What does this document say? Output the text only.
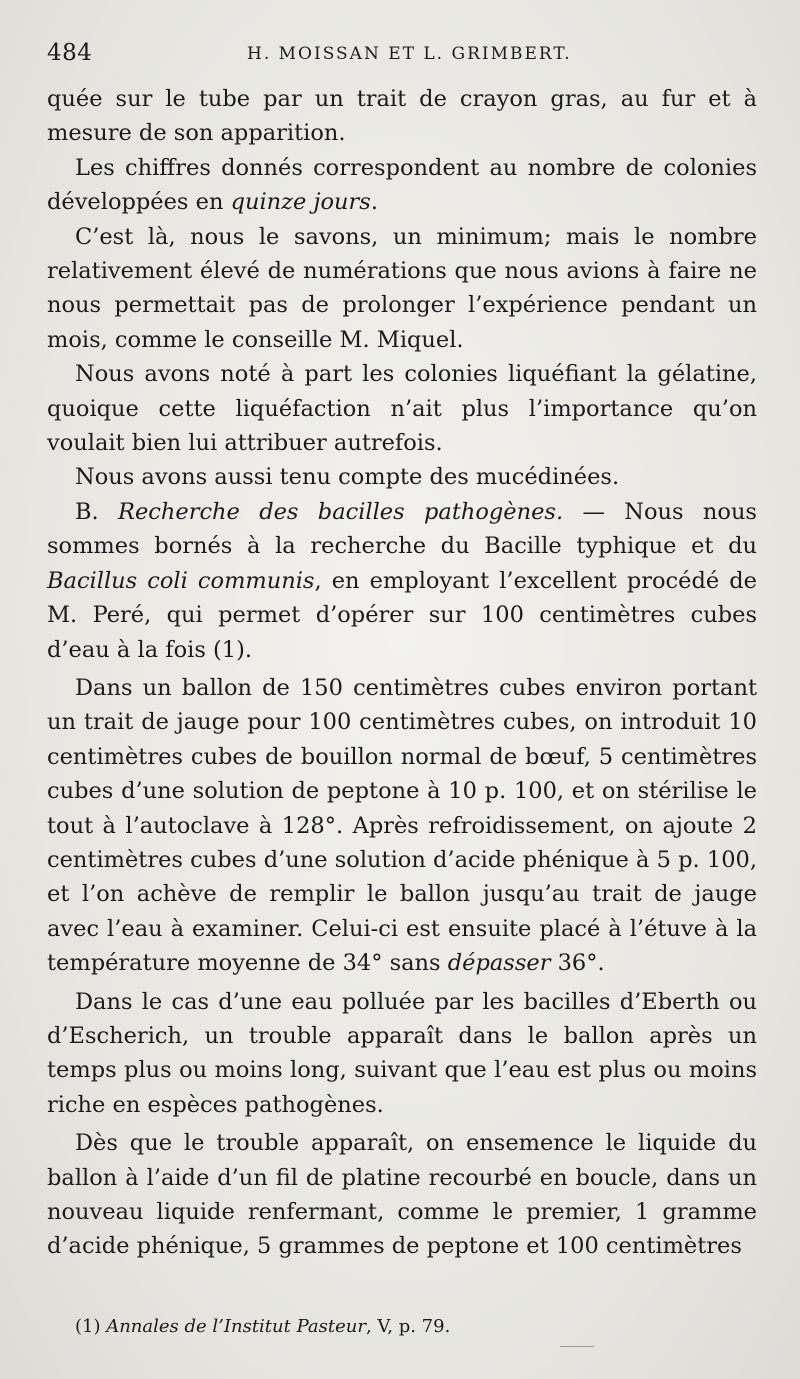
484	H. MOISSAN ET L. GRIMBERT.

quée sur le tube par un trait de crayon gras, au fur et à mesure de son apparition.

Les chiffres donnés correspondent au nombre de colonies développées en quinze jours.

C’est là, nous le savons, un minimum; mais le nombre relativement élevé de numérations que nous avions à faire ne nous permettait pas de prolonger l’expérience pendant un mois, comme le conseille M. Miquel.

Nous avons noté à part les colonies liquéfiant la gélatine, quoique cette liquéfaction n’ait plus l’importance qu’on voulait bien lui attribuer autrefois.

Nous avons aussi tenu compte des mucédinées.

B. Recherche des bacilles pathogènes. — Nous nous sommes bornés à la recherche du Bacille typhique et du Bacillus coli communis, en employant l’excellent procédé de M. Peré, qui permet d’opérer sur 100 centimètres cubes d’eau à la fois (1).

Dans un ballon de 150 centimètres cubes environ portant un trait de jauge pour 100 centimètres cubes, on introduit 10 centimètres cubes de bouillon normal de bœuf, 5 centimètres cubes d’une solution de peptone à 10 p. 100, et on stérilise le tout à l’autoclave à 128°. Après refroidissement, on ajoute 2 centimètres cubes d’une solution d’acide phénique à 5 p. 100, et l’on achève de remplir le ballon jusqu’au trait de jauge avec l’eau à examiner. Celui-ci est ensuite placé à l’étuve à la température moyenne de 34° sans dépasser 36°.

Dans le cas d’une eau polluée par les bacilles d’Eberth ou d’Escherich, un trouble apparaît dans le ballon après un temps plus ou moins long, suivant que l’eau est plus ou moins riche en espèces pathogènes.

Dès que le trouble apparaît, on ensemence le liquide du ballon à l’aide d’un fil de platine recourbé en boucle, dans un nouveau liquide renfermant, comme le premier, 1 gramme d’acide phénique, 5 grammes de peptone et 100 centimètres

(1) Annales de l’Institut Pasteur, V, p. 79.
